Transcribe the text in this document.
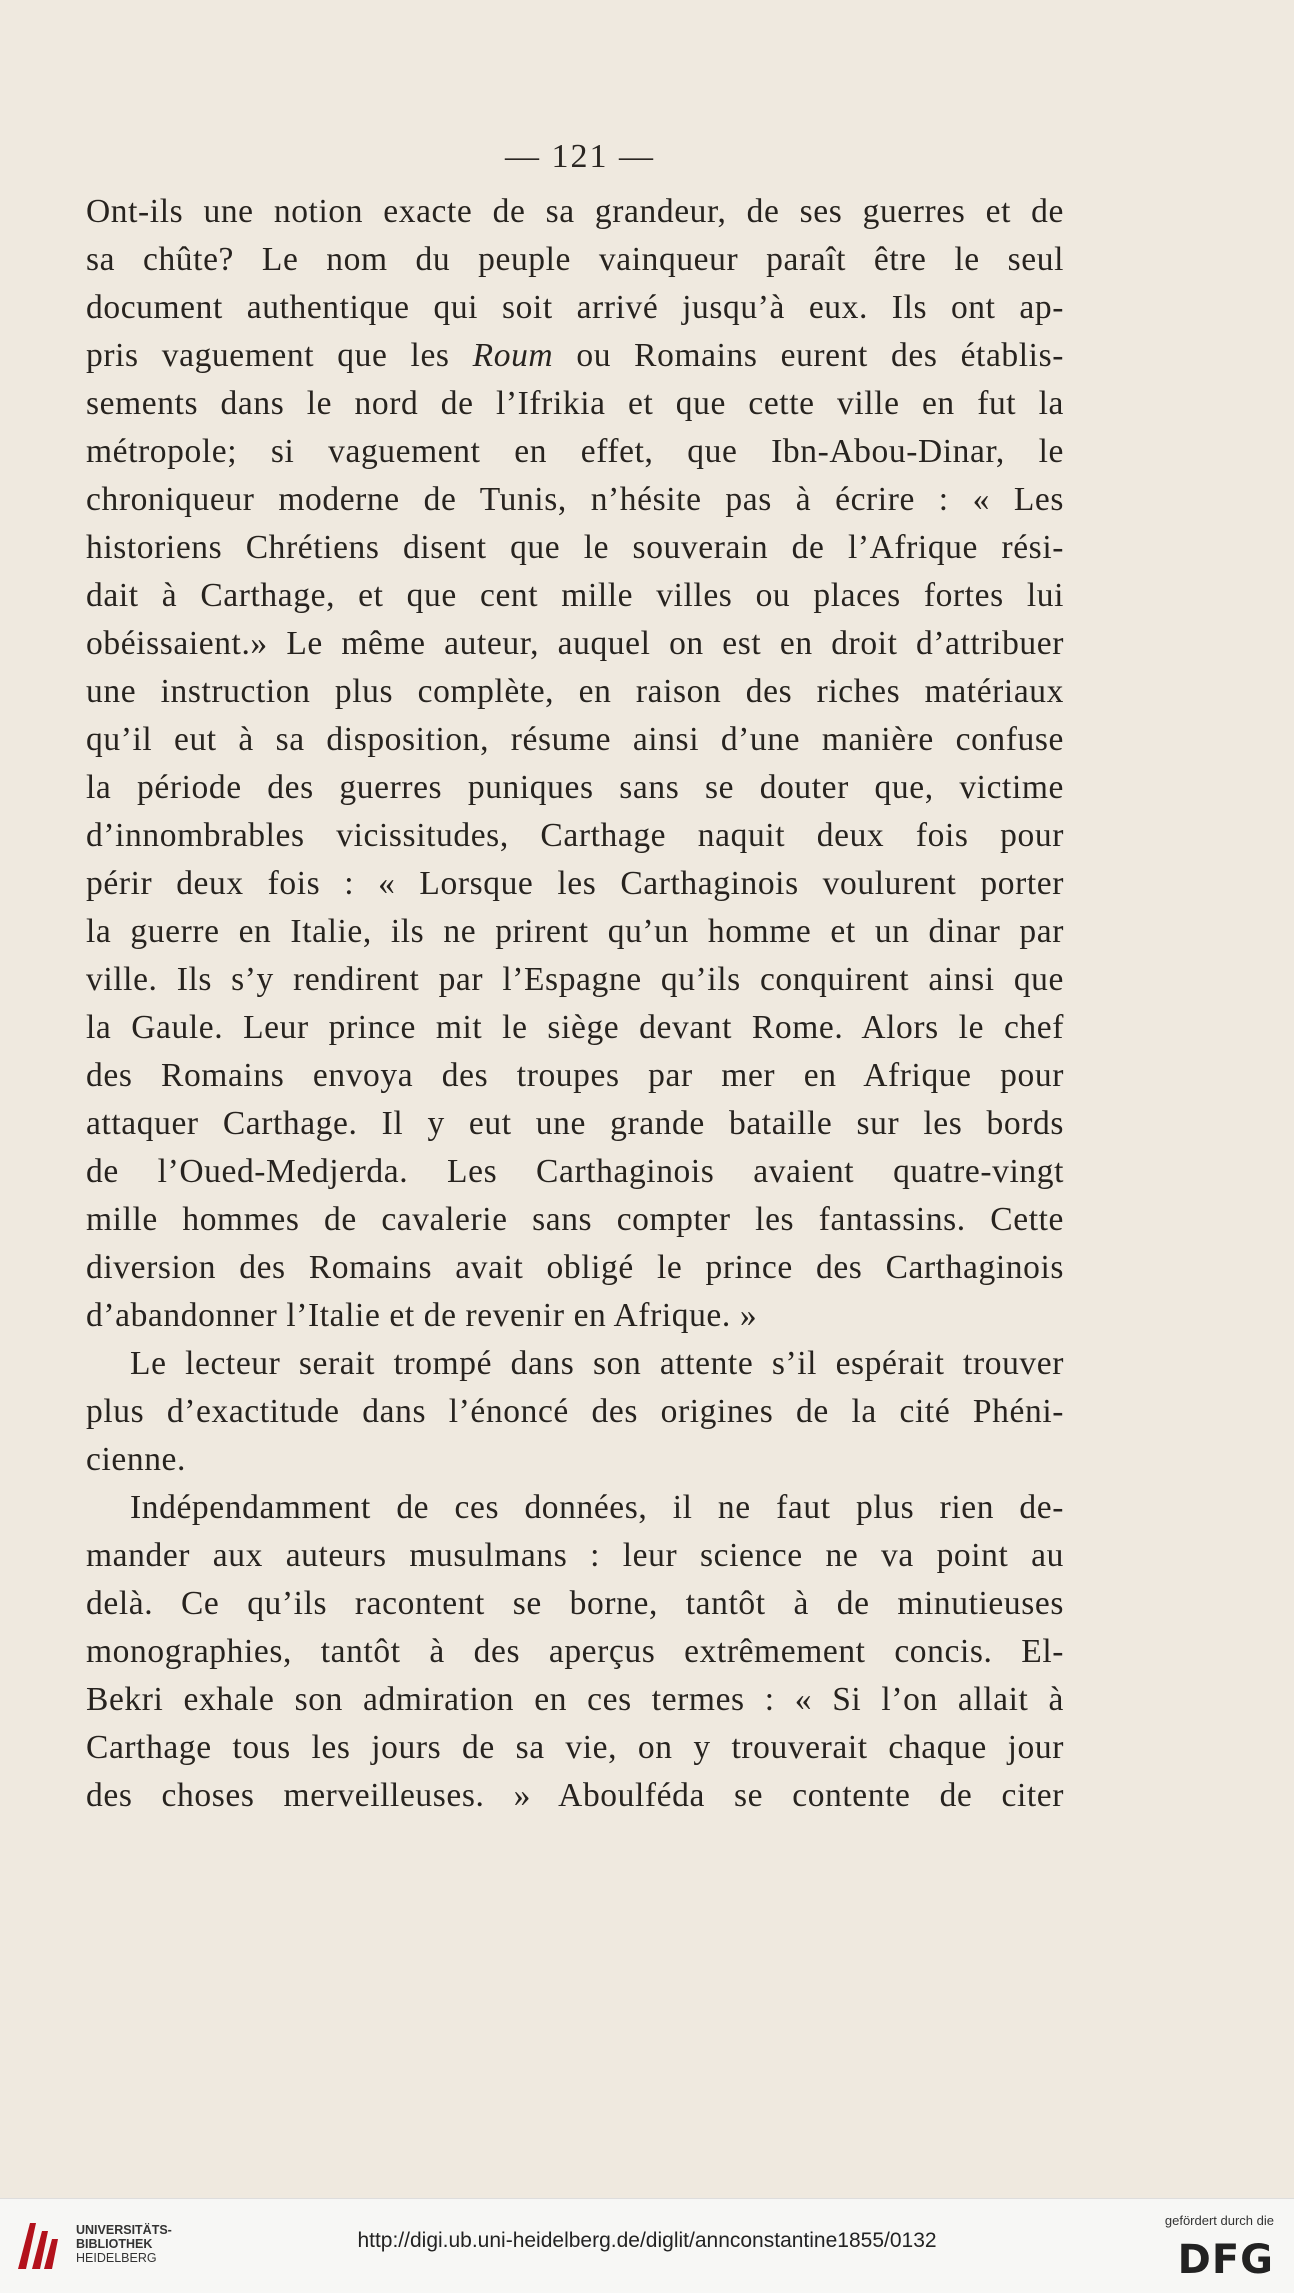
— 121 —
Ont-ils une notion exacte de sa grandeur, de ses guerres et de
sa chûte? Le nom du peuple vainqueur paraît être le seul
document authentique qui soit arrivé jusqu’à eux. Ils ont ap-
pris vaguement que les Roum ou Romains eurent des établis-
sements dans le nord de l’Ifrikia et que cette ville en fut la
métropole; si vaguement en effet, que Ibn-Abou-Dinar, le
chroniqueur moderne de Tunis, n’hésite pas à écrire : « Les
historiens Chrétiens disent que le souverain de l’Afrique rési-
dait à Carthage, et que cent mille villes ou places fortes lui
obéissaient.» Le même auteur, auquel on est en droit d’attribuer
une instruction plus complète, en raison des riches matériaux
qu’il eut à sa disposition, résume ainsi d’une manière confuse
la période des guerres puniques sans se douter que, victime
d’innombrables vicissitudes, Carthage naquit deux fois pour
périr deux fois : « Lorsque les Carthaginois voulurent porter
la guerre en Italie, ils ne prirent qu’un homme et un dinar par
ville. Ils s’y rendirent par l’Espagne qu’ils conquirent ainsi que
la Gaule. Leur prince mit le siège devant Rome. Alors le chef
des Romains envoya des troupes par mer en Afrique pour
attaquer Carthage. Il y eut une grande bataille sur les bords
de l’Oued-Medjerda. Les Carthaginois avaient quatre-vingt
mille hommes de cavalerie sans compter les fantassins. Cette
diversion des Romains avait obligé le prince des Carthaginois
d’abandonner l’Italie et de revenir en Afrique. »
Le lecteur serait trompé dans son attente s’il espérait trouver
plus d’exactitude dans l’énoncé des origines de la cité Phéni-
cienne.
Indépendamment de ces données, il ne faut plus rien de-
mander aux auteurs musulmans : leur science ne va point au
delà. Ce qu’ils racontent se borne, tantôt à de minutieuses
monographies, tantôt à des aperçus extrêmement concis. El-
Bekri exhale son admiration en ces termes : « Si l’on allait à
Carthage tous les jours de sa vie, on y trouverait chaque jour
des choses merveilleuses. » Aboulféda se contente de citer
UNIVERSITÄTS-
BIBLIOTHEK
HEIDELBERG
http://digi.ub.uni-heidelberg.de/diglit/annconstantine1855/0132
gefördert durch die
DFG
